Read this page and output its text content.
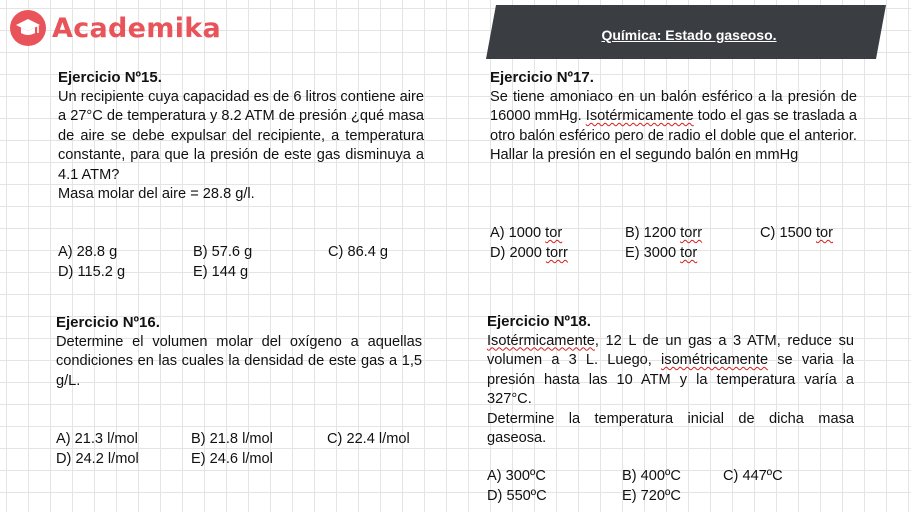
Academika	Química: Estado gaseoso.
Ejercicio Nº15.
Un recipiente cuya capacidad es de 6 litros contiene aire a 27°C de temperatura y 8.2 ATM de presión ¿qué masa de aire se debe expulsar del recipiente, a temperatura constante, para que la presión de este gas disminuya a 4.1 ATM?
Masa molar del aire = 28.8 g/l.
A) 28.8 g	B) 57.6 g	C) 86.4 g
D) 115.2 g	E) 144 g
Ejercicio Nº16.
Determine el volumen molar del oxígeno a aquellas condiciones en las cuales la densidad de este gas a 1,5 g/L.
A) 21.3 l/mol	B) 21.8 l/mol	C) 22.4 l/mol
D) 24.2 l/mol	E) 24.6 l/mol
Ejercicio Nº17.
Se tiene amoniaco en un balón esférico a la presión de 16000 mmHg. Isotérmicamente todo el gas se traslada a otro balón esférico pero de radio el doble que el anterior. Hallar la presión en el segundo balón en mmHg
A) 1000 tor	B) 1200 torr	C) 1500 tor
D) 2000 torr	E) 3000 tor
Ejercicio Nº18.
Isotérmicamente, 12 L de un gas a 3 ATM, reduce su volumen a 3 L. Luego, isométricamente se varia la presión hasta las 10 ATM y la temperatura varía a 327°C.
Determine la temperatura inicial de dicha masa gaseosa.
A) 300ºC	B) 400ºC	C) 447ºC
D) 550ºC	E) 720ºC
